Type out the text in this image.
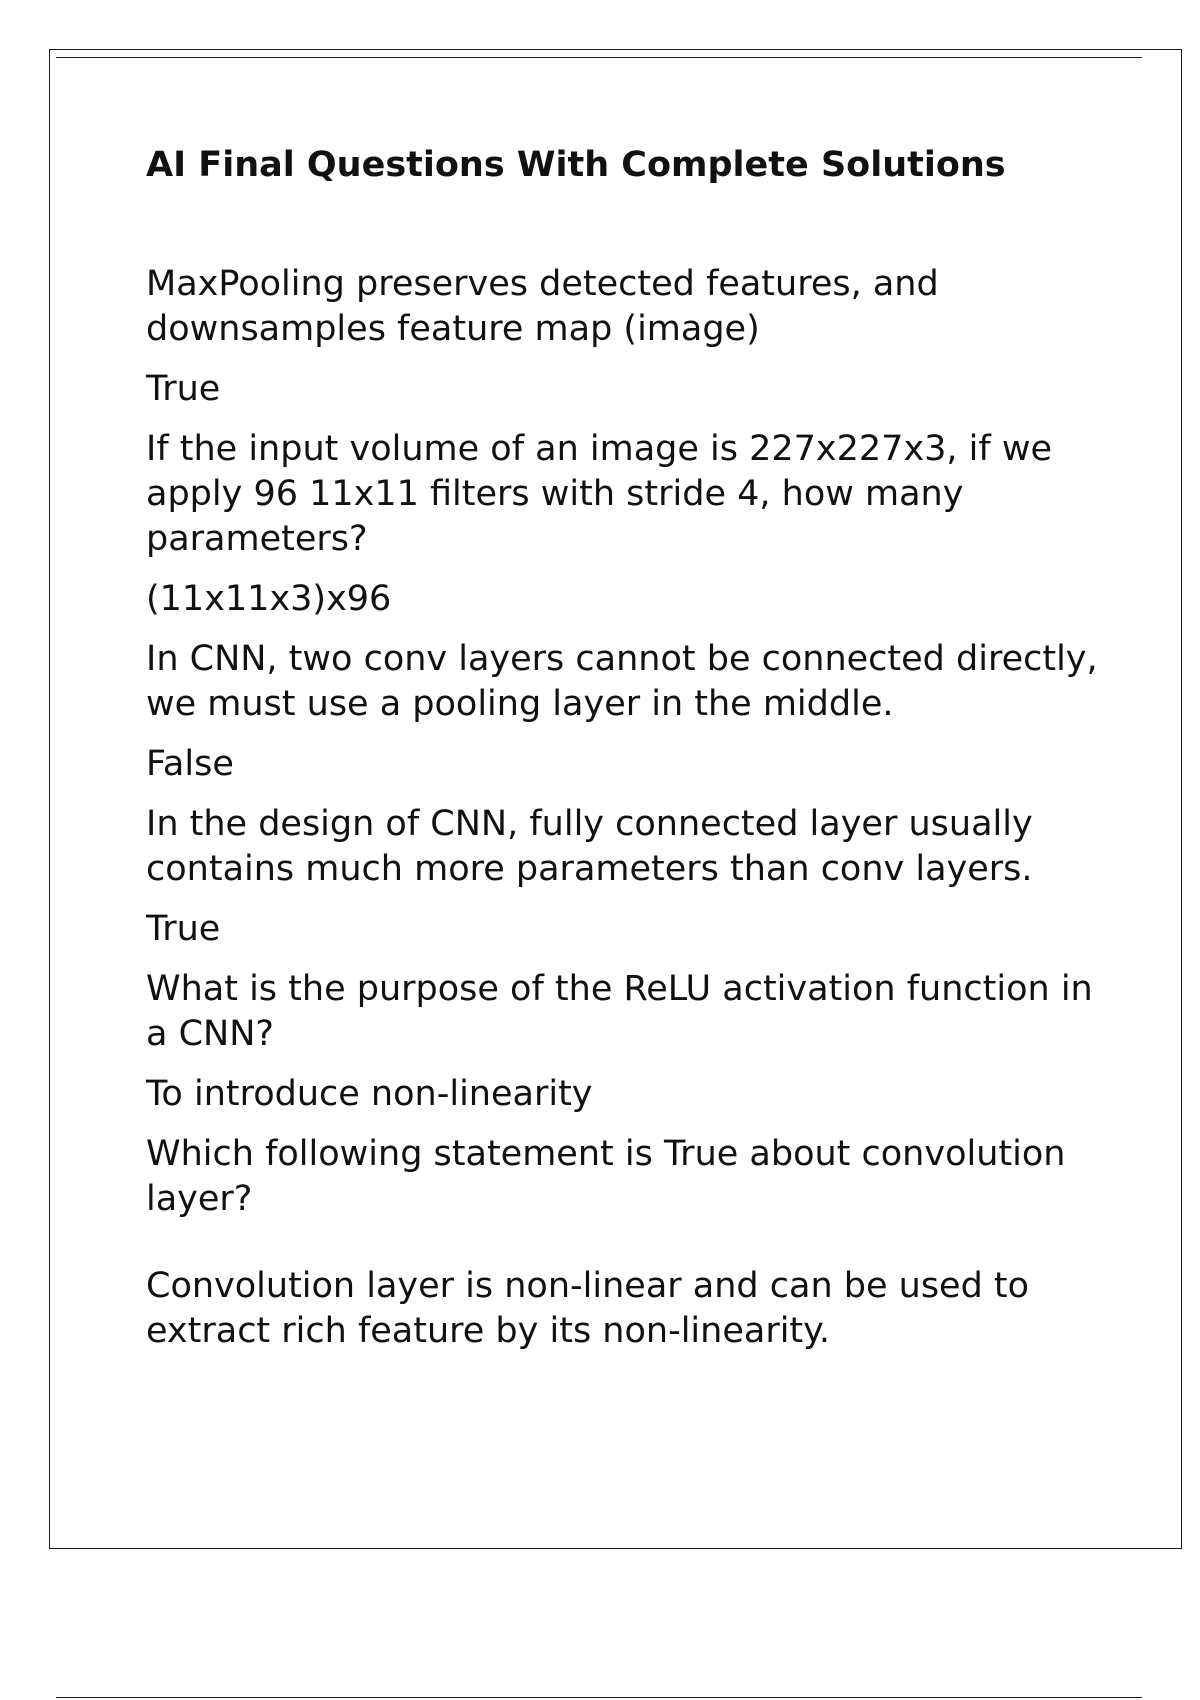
AI Final Questions With Complete Solutions

MaxPooling preserves detected features, and downsamples feature map (image)

True

If the input volume of an image is 227x227x3, if we apply 96 11x11 filters with stride 4, how many parameters?

(11x11x3)x96

In CNN, two conv layers cannot be connected directly, we must use a pooling layer in the middle.

False

In the design of CNN, fully connected layer usually contains much more parameters than conv layers.

True

What is the purpose of the ReLU activation function in a CNN?

To introduce non-linearity

Which following statement is True about convolution layer?

Convolution layer is non-linear and can be used to extract rich feature by its non-linearity.
